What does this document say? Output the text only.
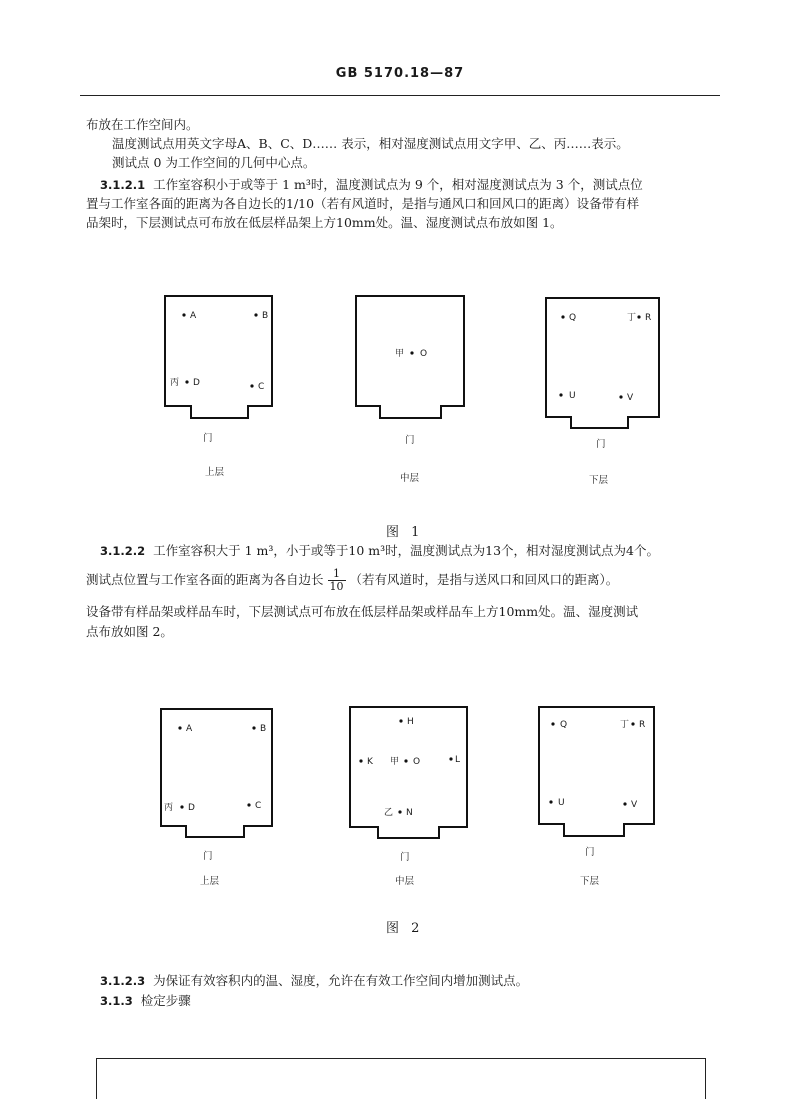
GB 5170.18—87
布放在工作空间内。
温度测试点用英文字母A、B、C、D…… 表示，相对湿度测试点用文字甲、乙、丙……表示。
测试点 0 为工作空间的几何中心点。
3.1.2.1 工作室容积小于或等于 1 m³时，温度测试点为 9 个，相对湿度测试点为 3 个，测试点位
置与工作室各面的距离为各自边长的1/10（若有风道时，是指与通风口和回风口的距离）设备带有样
品架时，下层测试点可布放在低层样品架上方10mm处。温、湿度测试点布放如图 1。
A	B
丙 D	C
门
上层
甲 O
门
中层
Q	丁 R
U	V
门
下层
图 1
3.1.2.2 工作室容积大于 1 m³，小于或等于10 m³时，温度测试点为13个，相对湿度测试点为4个。
测试点位置与工作室各面的距离为各自边长 $\frac{1}{10}$ （若有风道时，是指与送风口和回风口的距离）。
设备带有样品架或样品车时，下层测试点可布放在低层样品架或样品车上方10mm处。温、湿度测试
点布放如图 2。
A	B
丙 D	C
门
上层
H
K 甲 O	L
乙 N
门
中层
Q	丁 R
U	V
门
下层
图 2
3.1.2.3 为保证有效容积内的温、湿度，允许在有效工作空间内增加测试点。
3.1.3 检定步骤
